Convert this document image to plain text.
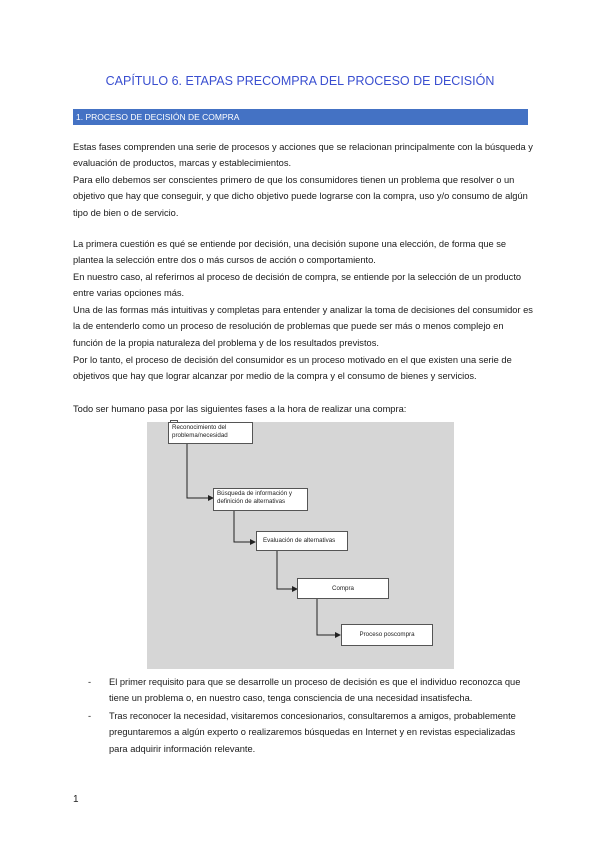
CAPÍTULO 6. ETAPAS PRECOMPRA DEL PROCESO DE DECISIÓN
1. PROCESO DE DECISIÓN DE COMPRA

Estas fases comprenden una serie de procesos y acciones que se relacionan principalmente con la búsqueda y evaluación de productos, marcas y establecimientos.

Para ello debemos ser conscientes primero de que los consumidores tienen un problema que resolver o un objetivo que hay que conseguir, y que dicho objetivo puede lograrse con la compra, uso y/o consumo de algún tipo de bien o de servicio.

La primera cuestión es qué se entiende por decisión, una decisión supone una elección, de forma que se plantea la selección entre dos o más cursos de acción o comportamiento.

En nuestro caso, al referirnos al proceso de decisión de compra, se entiende por la selección de un producto entre varias opciones más.

Una de las formas más intuitivas y completas para entender y analizar la toma de decisiones del consumidor es la de entenderlo como un proceso de resolución de problemas que puede ser más o menos complejo en función de la propia naturaleza del problema y de los resultados previstos.

Por lo tanto, el proceso de decisión del consumidor es un proceso motivado en el que existen una serie de objetivos que hay que lograr alcanzar por medio de la compra y el consumo de bienes y servicios.

Todo ser humano pasa por las siguientes fases a la hora de realizar una compra:

Reconocimiento del problema/necesidad
Búsqueda de información y definición de alternativas
Evaluación de alternativas
Compra
Proceso poscompra
- El primer requisito para que se desarrolle un proceso de decisión es que el individuo reconozca que tiene un problema o, en nuestro caso, tenga consciencia de una necesidad insatisfecha.
- Tras reconocer la necesidad, visitaremos concesionarios, consultaremos a amigos, probablemente preguntaremos a algún experto o realizaremos búsquedas en Internet y en revistas especializadas para adquirir información relevante.
1
